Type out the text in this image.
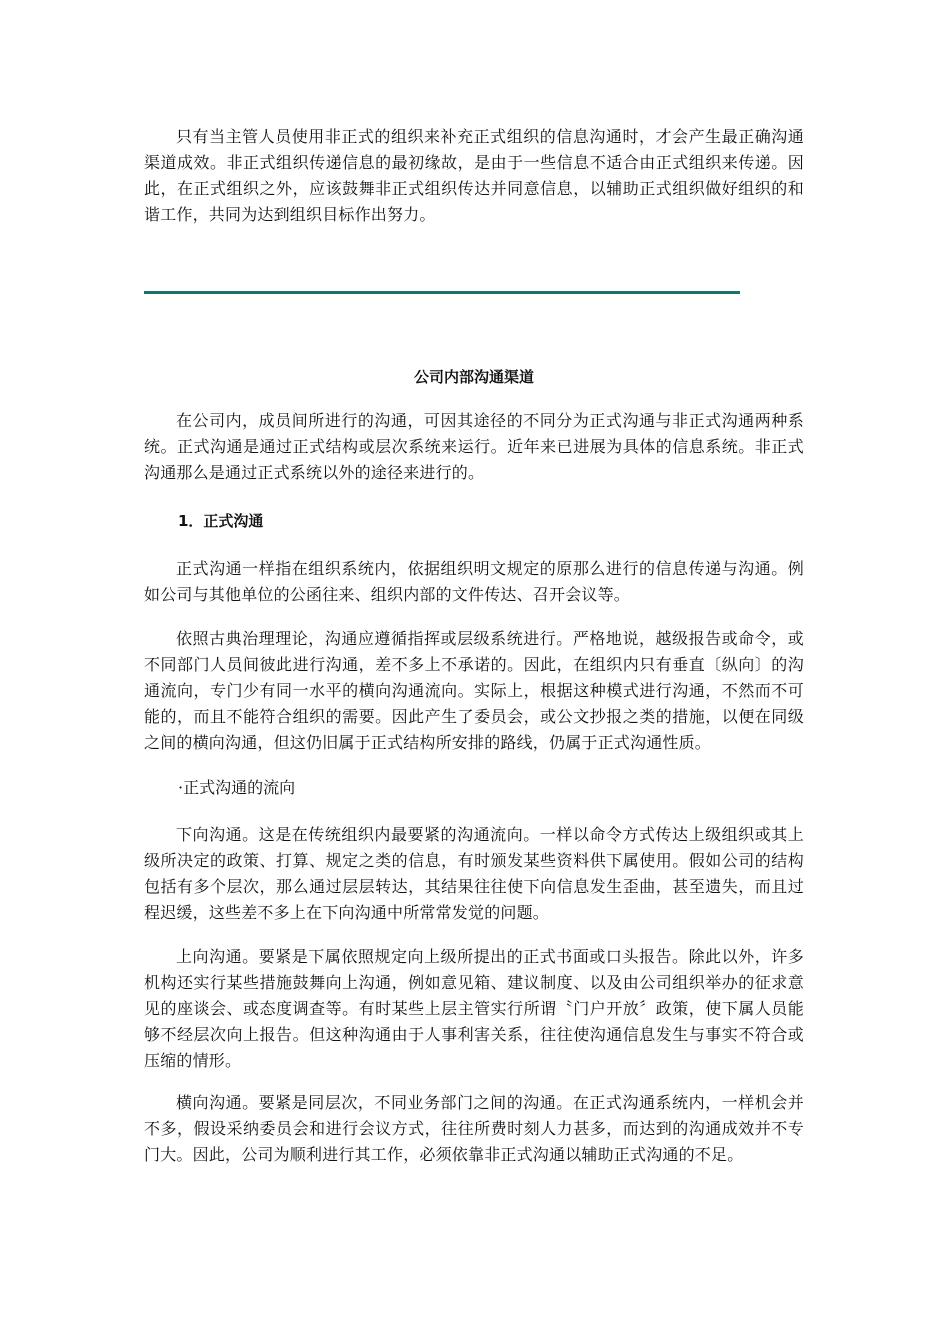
只有当主管人员使用非正式的组织来补充正式组织的信息沟通时，才会产生最正确沟通渠道成效。非正式组织传递信息的最初缘故，是由于一些信息不适合由正式组织来传递。因此，在正式组织之外，应该鼓舞非正式组织传达并同意信息，以辅助正式组织做好组织的和谐工作，共同为达到组织目标作出努力。

公司内部沟通渠道

在公司内，成员间所进行的沟通，可因其途径的不同分为正式沟通与非正式沟通两种系统。正式沟通是通过正式结构或层次系统来运行。近年来已进展为具体的信息系统。非正式沟通那么是通过正式系统以外的途径来进行的。

1．正式沟通

正式沟通一样指在组织系统内，依据组织明文规定的原那么进行的信息传递与沟通。例如公司与其他单位的公函往来、组织内部的文件传达、召开会议等。

依照古典治理理论，沟通应遵循指挥或层级系统进行。严格地说，越级报告或命令，或不同部门人员间彼此进行沟通，差不多上不承诺的。因此，在组织内只有垂直〔纵向〕的沟通流向，专门少有同一水平的横向沟通流向。实际上，根据这种模式进行沟通，不然而不可能的，而且不能符合组织的需要。因此产生了委员会，或公文抄报之类的措施，以便在同级之间的横向沟通，但这仍旧属于正式结构所安排的路线，仍属于正式沟通性质。

·正式沟通的流向

下向沟通。这是在传统组织内最要紧的沟通流向。一样以命令方式传达上级组织或其上级所决定的政策、打算、规定之类的信息，有时颁发某些资料供下属使用。假如公司的结构包括有多个层次，那么通过层层转达，其结果往往使下向信息发生歪曲，甚至遗失，而且过程迟缓，这些差不多上在下向沟通中所常常发觉的问题。

上向沟通。要紧是下属依照规定向上级所提出的正式书面或口头报告。除此以外，许多机构还实行某些措施鼓舞向上沟通，例如意见箱、建议制度、以及由公司组织举办的征求意见的座谈会、或态度调查等。有时某些上层主管实行所谓〝门户开放〞政策，使下属人员能够不经层次向上报告。但这种沟通由于人事利害关系，往往使沟通信息发生与事实不符合或压缩的情形。

横向沟通。要紧是同层次，不同业务部门之间的沟通。在正式沟通系统内，一样机会并不多，假设采纳委员会和进行会议方式，往往所费时刻人力甚多，而达到的沟通成效并不专门大。因此，公司为顺利进行其工作，必须依靠非正式沟通以辅助正式沟通的不足。
